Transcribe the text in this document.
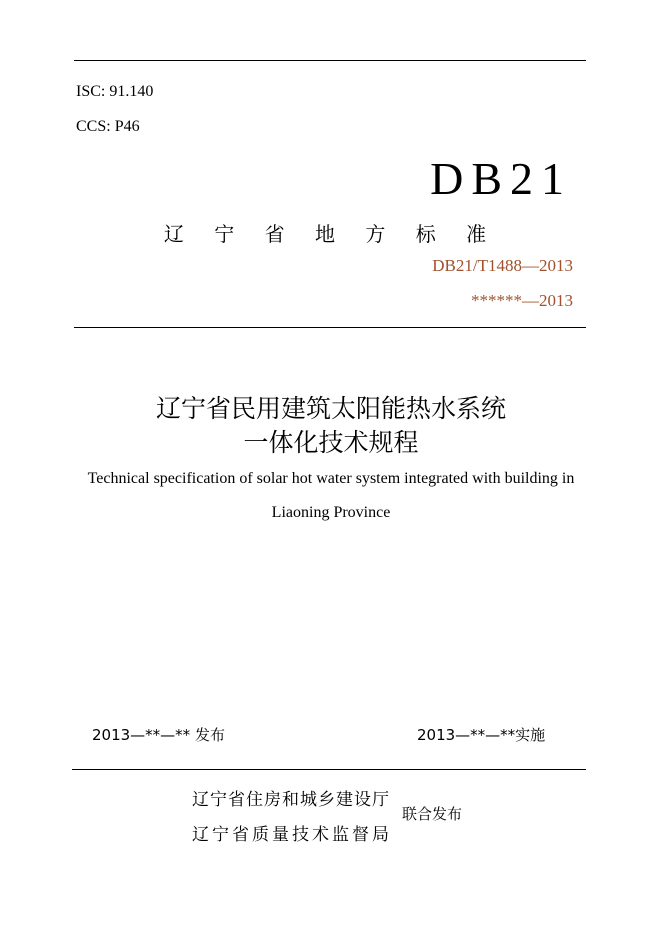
ISC: 91.140
CCS: P46
DB21
辽 宁 省 地 方 标 准
DB21/T1488—2013
******—2013
辽宁省民用建筑太阳能热水系统
一体化技术规程
Technical specification of solar hot water system integrated with building in Liaoning Province
2013—**—** 发布	2013—**—**实施
辽宁省住房和城乡建设厅
辽宁省质量技术监督局
联合发布
